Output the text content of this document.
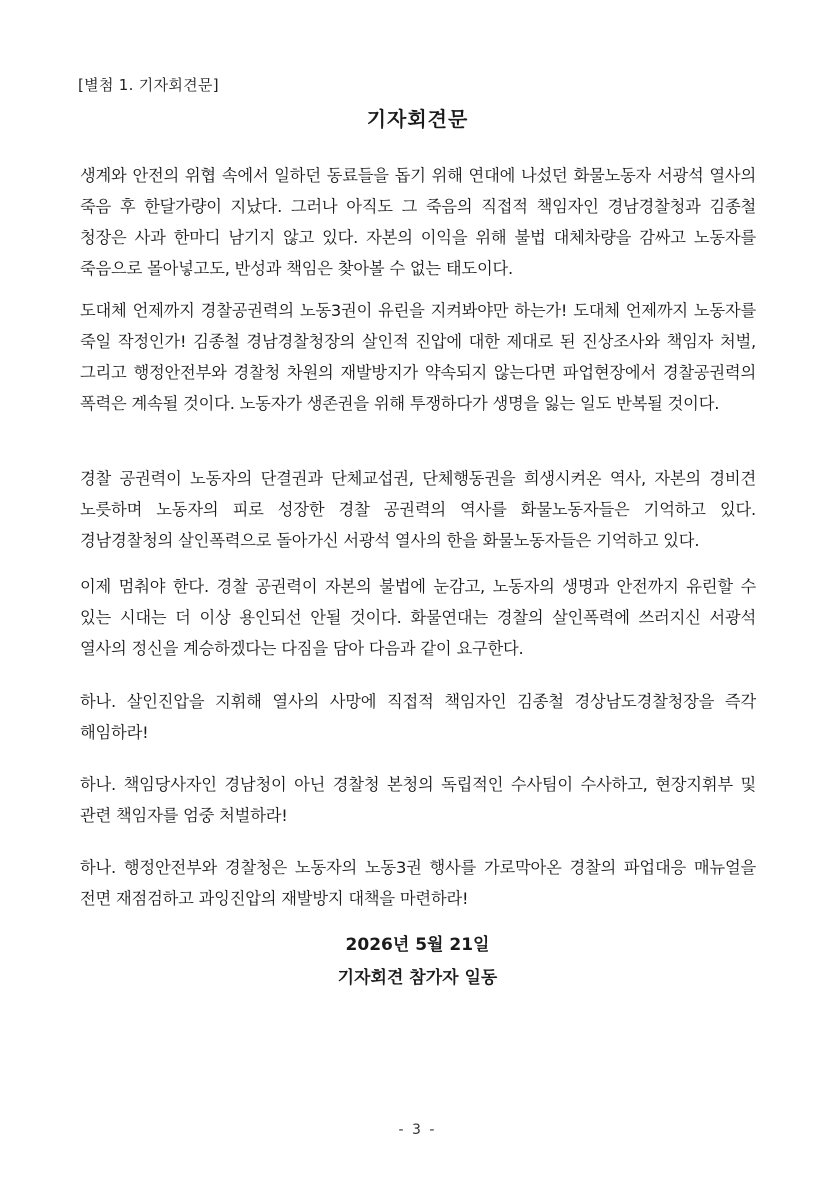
[별첨 1. 기자회견문]
기자회견문

생계와 안전의 위협 속에서 일하던 동료들을 돕기 위해 연대에 나섰던 화물노동자 서광석 열사의 죽음 후 한달가량이 지났다. 그러나 아직도 그 죽음의 직접적 책임자인 경남경찰청과 김종철 청장은 사과 한마디 남기지 않고 있다. 자본의 이익을 위해 불법 대체차량을 감싸고 노동자를 죽음으로 몰아넣고도, 반성과 책임은 찾아볼 수 없는 태도이다.

도대체 언제까지 경찰공권력의 노동3권이 유린을 지켜봐야만 하는가! 도대체 언제까지 노동자를 죽일 작정인가! 김종철 경남경찰청장의 살인적 진압에 대한 제대로 된 진상조사와 책임자 처벌, 그리고 행정안전부와 경찰청 차원의 재발방지가 약속되지 않는다면 파업현장에서 경찰공권력의 폭력은 계속될 것이다. 노동자가 생존권을 위해 투쟁하다가 생명을 잃는 일도 반복될 것이다.

경찰 공권력이 노동자의 단결권과 단체교섭권, 단체행동권을 희생시켜온 역사, 자본의 경비견 노릇하며 노동자의 피로 성장한 경찰 공권력의 역사를 화물노동자들은 기억하고 있다. 경남경찰청의 살인폭력으로 돌아가신 서광석 열사의 한을 화물노동자들은 기억하고 있다.

이제 멈춰야 한다. 경찰 공권력이 자본의 불법에 눈감고, 노동자의 생명과 안전까지 유린할 수 있는 시대는 더 이상 용인되선 안될 것이다. 화물연대는 경찰의 살인폭력에 쓰러지신 서광석 열사의 정신을 계승하겠다는 다짐을 담아 다음과 같이 요구한다.

하나. 살인진압을 지휘해 열사의 사망에 직접적 책임자인 김종철 경상남도경찰청장을 즉각 해임하라!

하나. 책임당사자인 경남청이 아닌 경찰청 본청의 독립적인 수사팀이 수사하고, 현장지휘부 및 관련 책임자를 엄중 처벌하라!

하나. 행정안전부와 경찰청은 노동자의 노동3권 행사를 가로막아온 경찰의 파업대응 매뉴얼을 전면 재점검하고 과잉진압의 재발방지 대책을 마련하라!

2026년 5월 21일
기자회견 참가자 일동
- 3 -
